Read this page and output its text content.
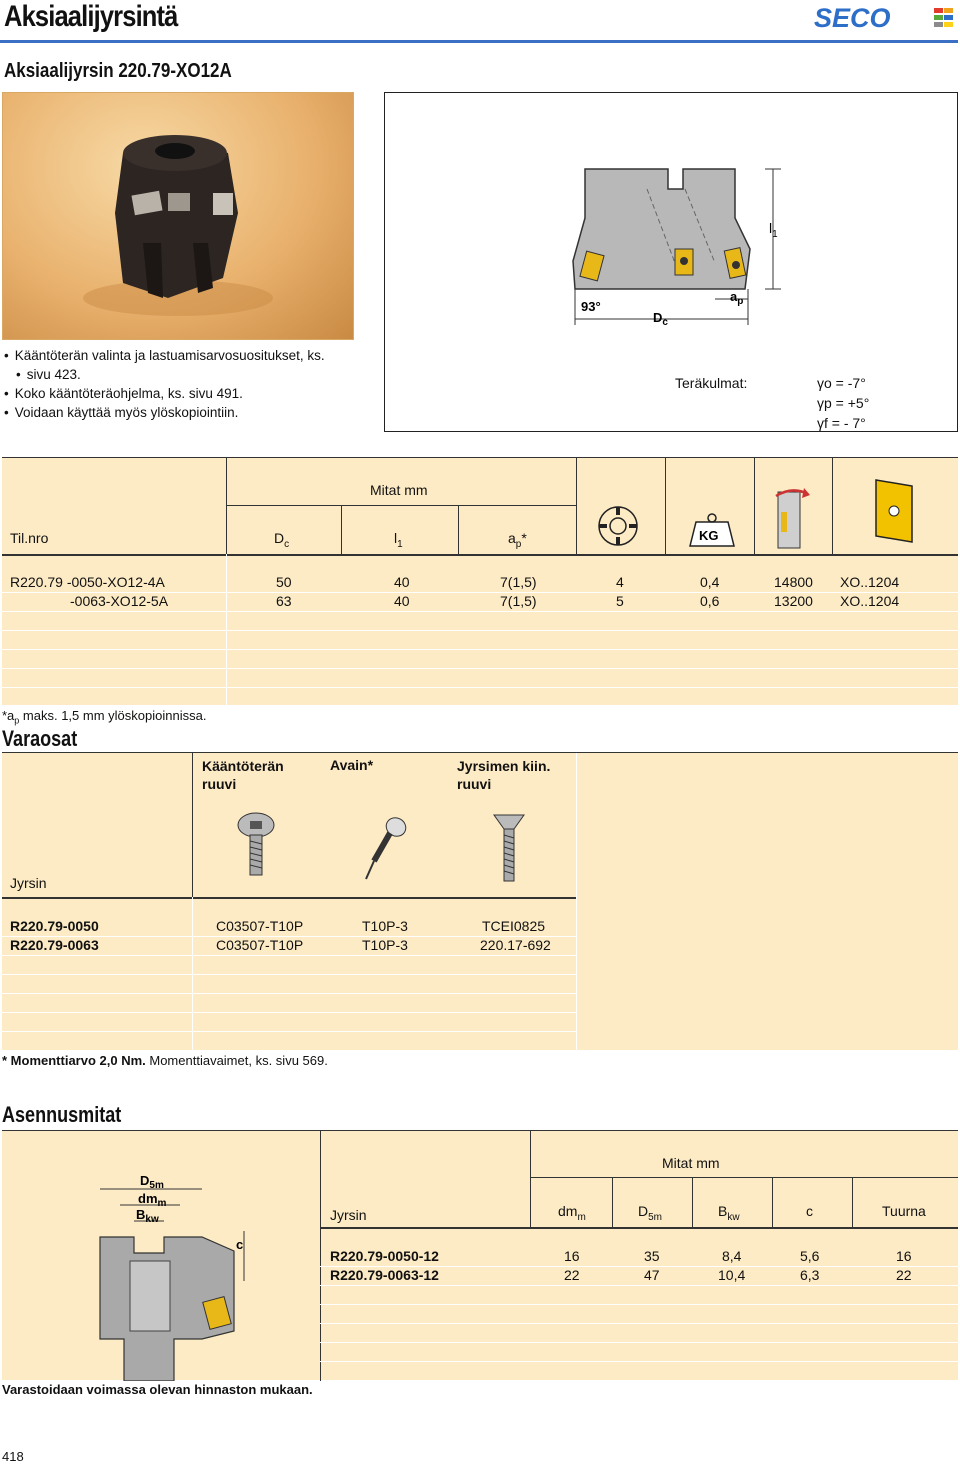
Aksiaalijyrsintä	SECO
Aksiaalijyrsin 220.79-XO12A
• Kääntöterän valinta ja lastuamisarvosuositukset, ks.
• sivu 423.
• Koko kääntöteräohjelma, ks. sivu 491.
• Voidaan käyttää myös ylöskopiointiin.
$l_1$
93°
$D_c$
$a_p$
Teräkulmat:	γo = -7°
γp = +5°
γf = - 7°
Mitat mm
Til.nro	$D_c$	$l_1$	$a_p*$	KG
R220.79 -0050-XO12-4A	50	40	7(1,5)	4	0,4	14800 XO..1204
-0063-XO12-5A	63	40	7(1,5)	5	0,6	13200 XO..1204
$*a_p$ maks. 1,5 mm ylöskopioinnissa.
Varaosat
Kääntöterän
ruuvi
Avain*	Jyrsimen kiin.
ruuvi
Jyrsin
R220.79-0050	C03507-T10P	T10P-3	TCEI0825
R220.79-0063	C03507-T10P	T10P-3	220.17-692
* Momenttiarvo 2,0 Nm. Momenttiavaimet, ks. sivu 569.
Asennusmitat
Mitat mm
Jyrsin	$dm_m$	$D_{5m}$	$B_{kw}$	c	Tuurna
$D_{5m}$
$dm_m$
$B_{kw}$
c
R220.79-0050-12	16	35	8,4	5,6	16
R220.79-0063-12	22	47	10,4	6,3	22
Varastoidaan voimassa olevan hinnaston mukaan.
418
